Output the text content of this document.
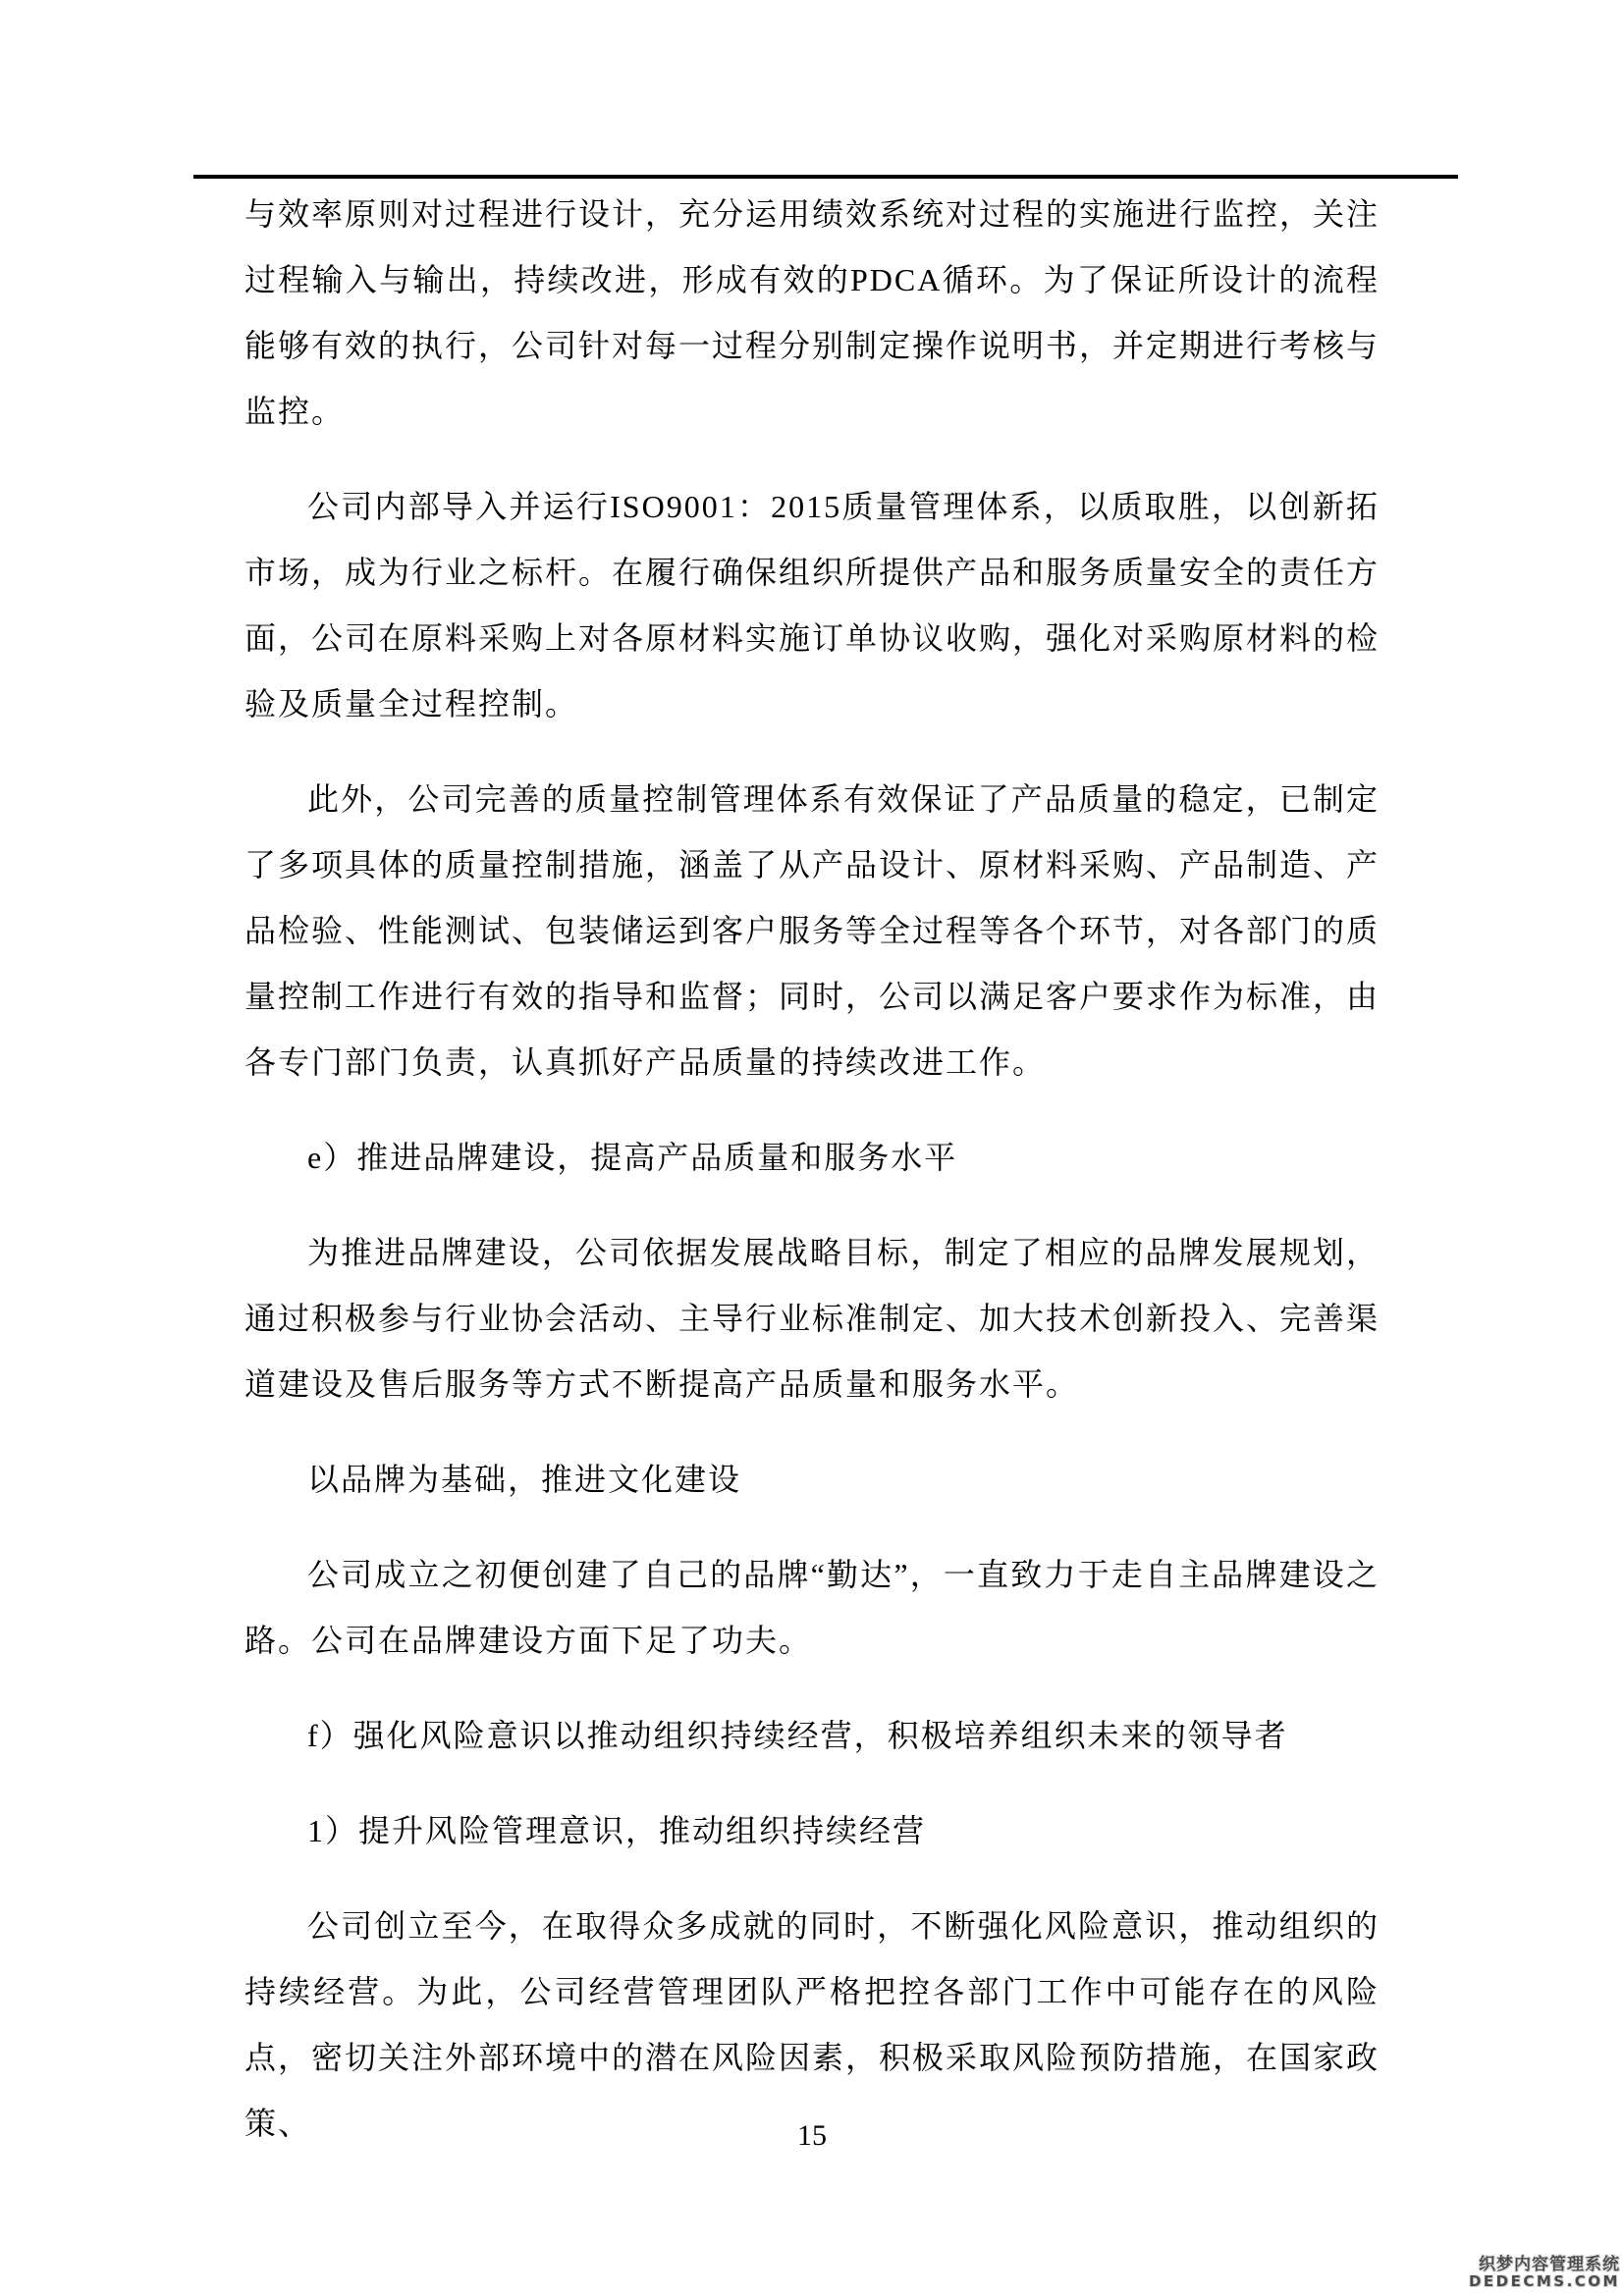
与效率原则对过程进行设计，充分运用绩效系统对过程的实施进行监控，关注过程输入与输出，持续改进，形成有效的PDCA循环。为了保证所设计的流程能够有效的执行，公司针对每一过程分别制定操作说明书，并定期进行考核与监控。

公司内部导入并运行ISO9001：2015质量管理体系，以质取胜，以创新拓市场，成为行业之标杆。在履行确保组织所提供产品和服务质量安全的责任方面，公司在原料采购上对各原材料实施订单协议收购，强化对采购原材料的检验及质量全过程控制。

此外，公司完善的质量控制管理体系有效保证了产品质量的稳定，已制定了多项具体的质量控制措施，涵盖了从产品设计、原材料采购、产品制造、产品检验、性能测试、包装储运到客户服务等全过程等各个环节，对各部门的质量控制工作进行有效的指导和监督；同时，公司以满足客户要求作为标准，由各专门部门负责，认真抓好产品质量的持续改进工作。

e）推进品牌建设，提高产品质量和服务水平

为推进品牌建设，公司依据发展战略目标，制定了相应的品牌发展规划，通过积极参与行业协会活动、主导行业标准制定、加大技术创新投入、完善渠道建设及售后服务等方式不断提高产品质量和服务水平。

以品牌为基础，推进文化建设

公司成立之初便创建了自己的品牌“勤达”，一直致力于走自主品牌建设之路。公司在品牌建设方面下足了功夫。

f）强化风险意识以推动组织持续经营，积极培养组织未来的领导者

1）提升风险管理意识，推动组织持续经营

公司创立至今，在取得众多成就的同时，不断强化风险意识，推动组织的持续经营。为此，公司经营管理团队严格把控各部门工作中可能存在的风险点，密切关注外部环境中的潜在风险因素，积极采取风险预防措施，在国家政策、	15
织梦内容管理系统
DEDECMS.COM
